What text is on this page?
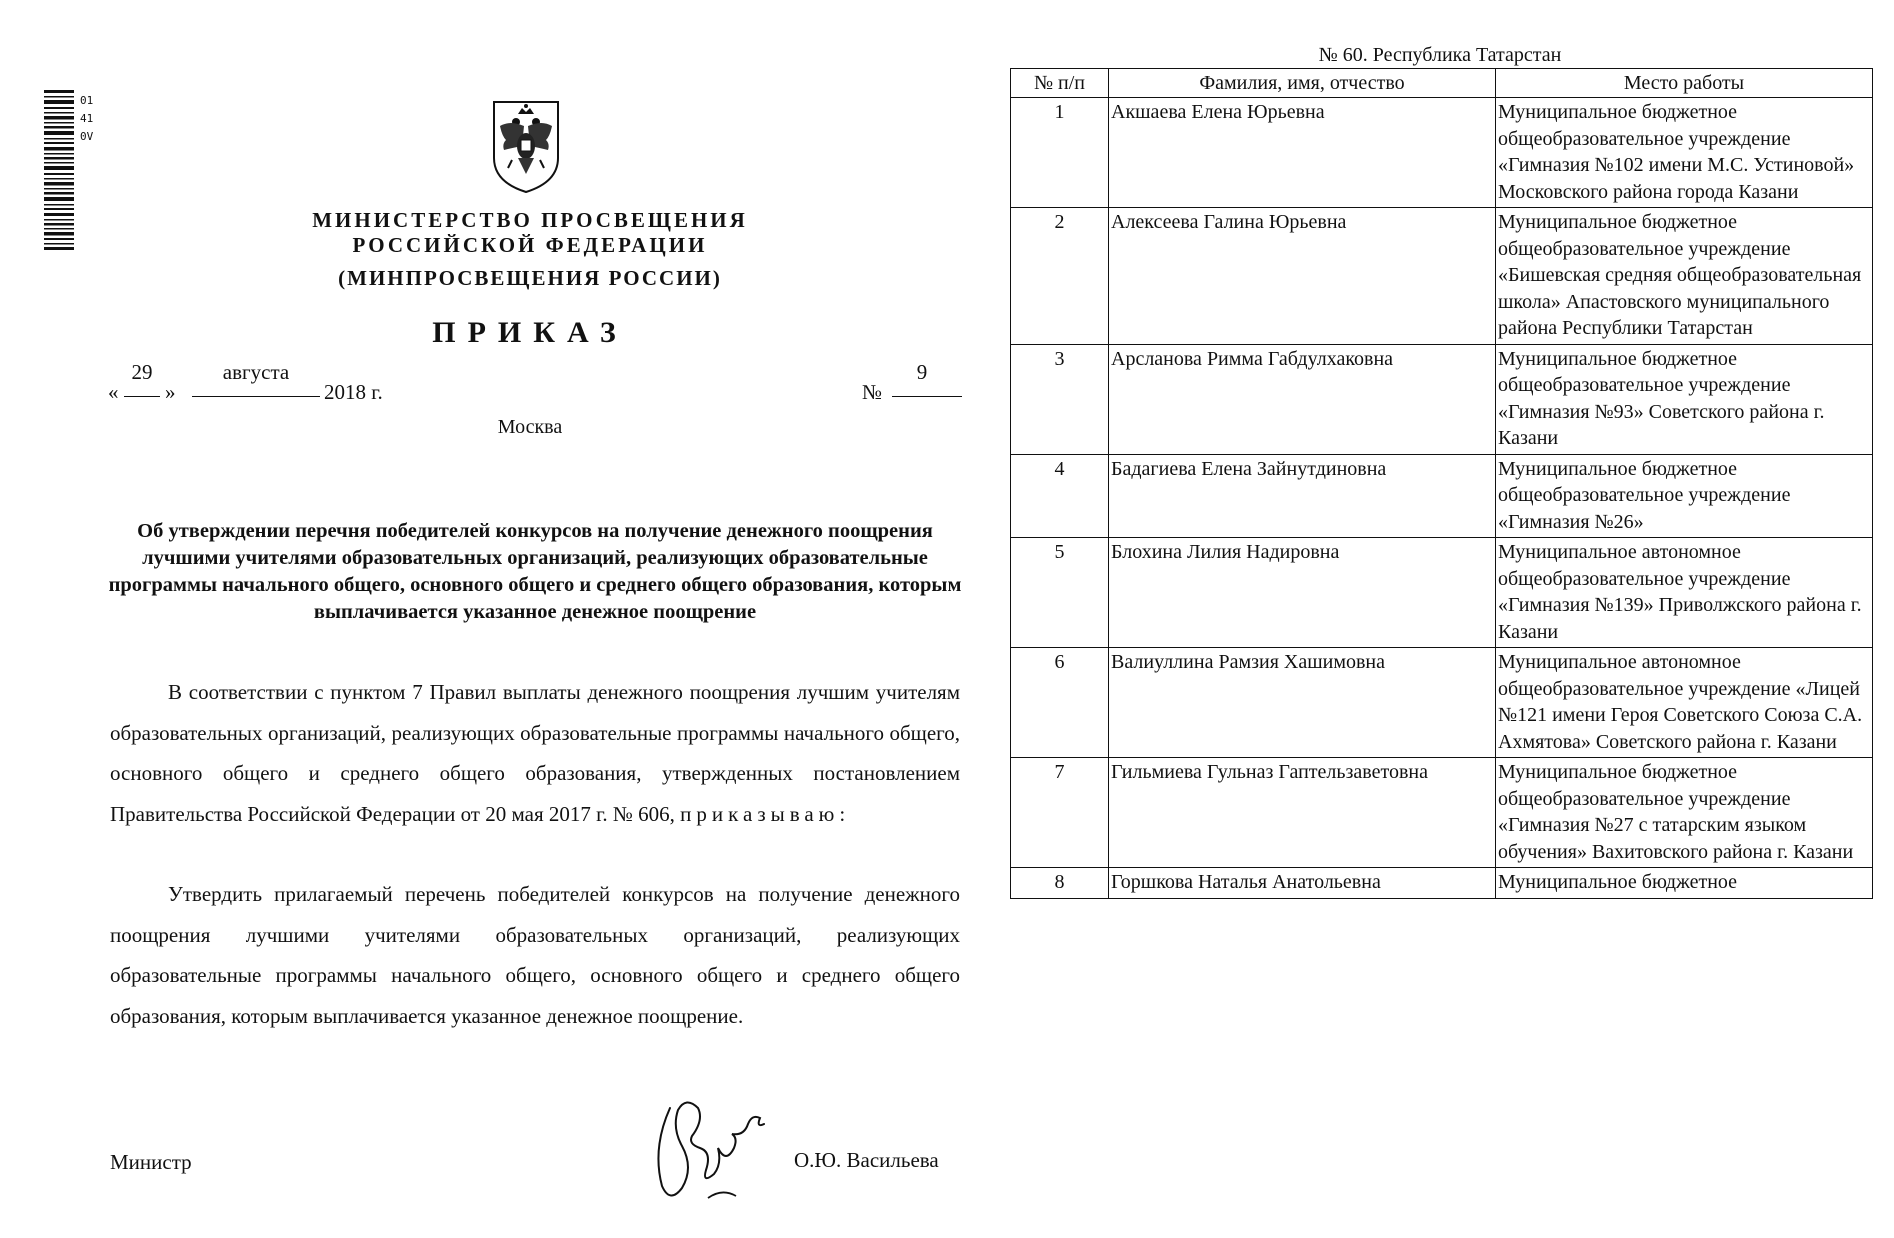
01410V
МИНИСТЕРСТВО ПРОСВЕЩЕНИЯ
РОССИЙСКОЙ ФЕДЕРАЦИИ
(МИНПРОСВЕЩЕНИЯ РОССИИ)
ПРИКАЗ
«
29
»
августа
2018 г.	№
9
Москва
Об утверждении перечня победителей конкурсов на получение денежного поощрения лучшими учителями образовательных организаций, реализующих образовательные программы начального общего, основного общего и среднего общего образования, которым выплачивается указанное денежное поощрение

В соответствии с пунктом 7 Правил выплаты денежного поощрения лучшим учителям образовательных организаций, реализующих образовательные программы начального общего, основного общего и среднего общего образования, утвержденных постановлением Правительства Российской Федерации от 20 мая 2017 г. № 606, приказываю:

Утвердить прилагаемый перечень победителей конкурсов на получение денежного поощрения лучшими учителями образовательных организаций, реализующих образовательные программы начального общего, основного общего и среднего общего образования, которым выплачивается указанное денежное поощрение.

Министр	О.Ю. Васильева
№ 60. Республика Татарстан
№ п/п	Фамилия, имя, отчество	Место работы
1	Акшаева Елена Юрьевна	Муниципальное бюджетное общеобразовательное учреждение «Гимназия №102 имени М.С. Устиновой» Московского района города Казани
2	Алексеева Галина Юрьевна	Муниципальное бюджетное общеобразовательное учреждение «Бишевская средняя общеобразовательная школа» Апастовского муниципального района Республики Татарстан
3	Арсланова Римма Габдулхаковна	Муниципальное бюджетное общеобразовательное учреждение «Гимназия №93» Советского района г. Казани
4	Бадагиева Елена Зайнутдиновна	Муниципальное бюджетное общеобразовательное учреждение «Гимназия №26»
5	Блохина Лилия Надировна	Муниципальное автономное общеобразовательное учреждение «Гимназия №139» Приволжского района г. Казани
6	Валиуллина Рамзия Хашимовна	Муниципальное автономное общеобразовательное учреждение «Лицей №121 имени Героя Советского Союза С.А. Ахмятова» Советского района г. Казани
7	Гильмиева Гульназ Гаптельзаветовна	Муниципальное бюджетное общеобразовательное учреждение «Гимназия №27 с татарским языком обучения» Вахитовского района г. Казани
8	Горшкова Наталья Анатольевна	Муниципальное бюджетное
